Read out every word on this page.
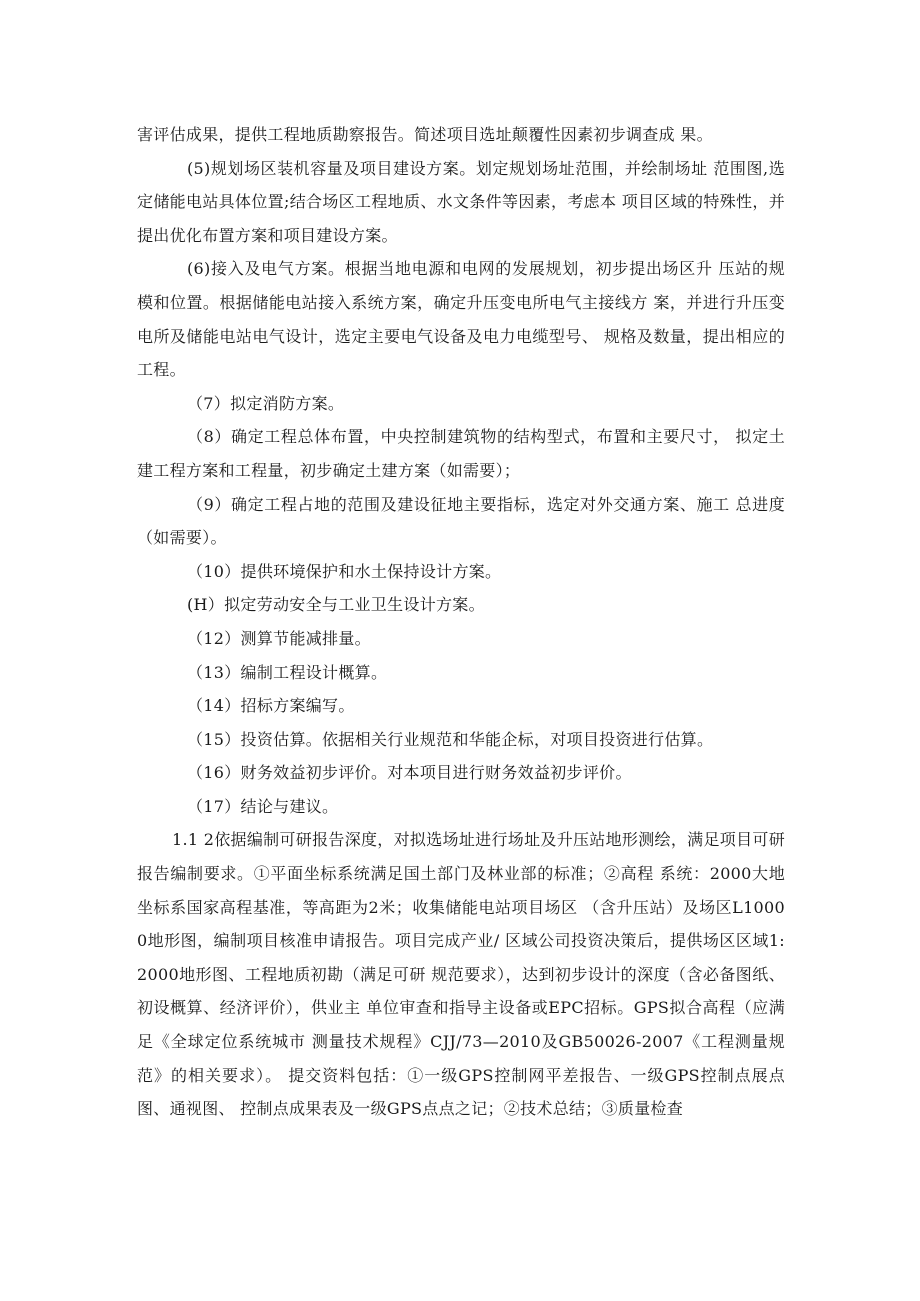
害评估成果，提供工程地质勘察报告。简述项目选址颠覆性因素初步调查成 果。

(5)规划场区装机容量及项目建设方案。划定规划场址范围，并绘制场址 范围图,选定储能电站具体位置;结合场区工程地质、水文条件等因素，考虑本 项目区域的特殊性，并提出优化布置方案和项目建设方案。

(6)接入及电气方案。根据当地电源和电网的发展规划，初步提出场区升 压站的规模和位置。根据储能电站接入系统方案，确定升压变电所电气主接线方 案，并进行升压变电所及储能电站电气设计，选定主要电气设备及电力电缆型号、 规格及数量，提出相应的工程。

（7）拟定消防方案。

（8）确定工程总体布置，中央控制建筑物的结构型式，布置和主要尺寸， 拟定土建工程方案和工程量，初步确定土建方案（如需要）；

（9）确定工程占地的范围及建设征地主要指标，选定对外交通方案、施工 总进度（如需要）。

（10）提供环境保护和水土保持设计方案。

(H）拟定劳动安全与工业卫生设计方案。

（12）测算节能减排量。

（13）编制工程设计概算。

（14）招标方案编写。

（15）投资估算。依据相关行业规范和华能企标，对项目投资进行估算。

（16）财务效益初步评价。对本项目进行财务效益初步评价。

（17）结论与建议。

1.1 2依据编制可研报告深度，对拟选场址进行场址及升压站地形测绘，满足项目可研报告编制要求。①平面坐标系统满足国土部门及林业部的标准；②高程 系统：2000大地坐标系国家高程基准，等高距为2米；收集储能电站项目场区 （含升压站）及场区L10000地形图，编制项目核准申请报告。项目完成产业/ 区域公司投资决策后，提供场区区域1:2000地形图、工程地质初勘（满足可研 规范要求），达到初步设计的深度（含必备图纸、初设概算、经济评价），供业主 单位审查和指导主设备或EPC招标。GPS拟合高程（应满足《全球定位系统城市 测量技术规程》CJJ/73—2010及GB50026-2007《工程测量规范》的相关要求）。 提交资料包括：①一级GPS控制网平差报告、一级GPS控制点展点图、通视图、 控制点成果表及一级GPS点点之记；②技术总结；③质量检查
